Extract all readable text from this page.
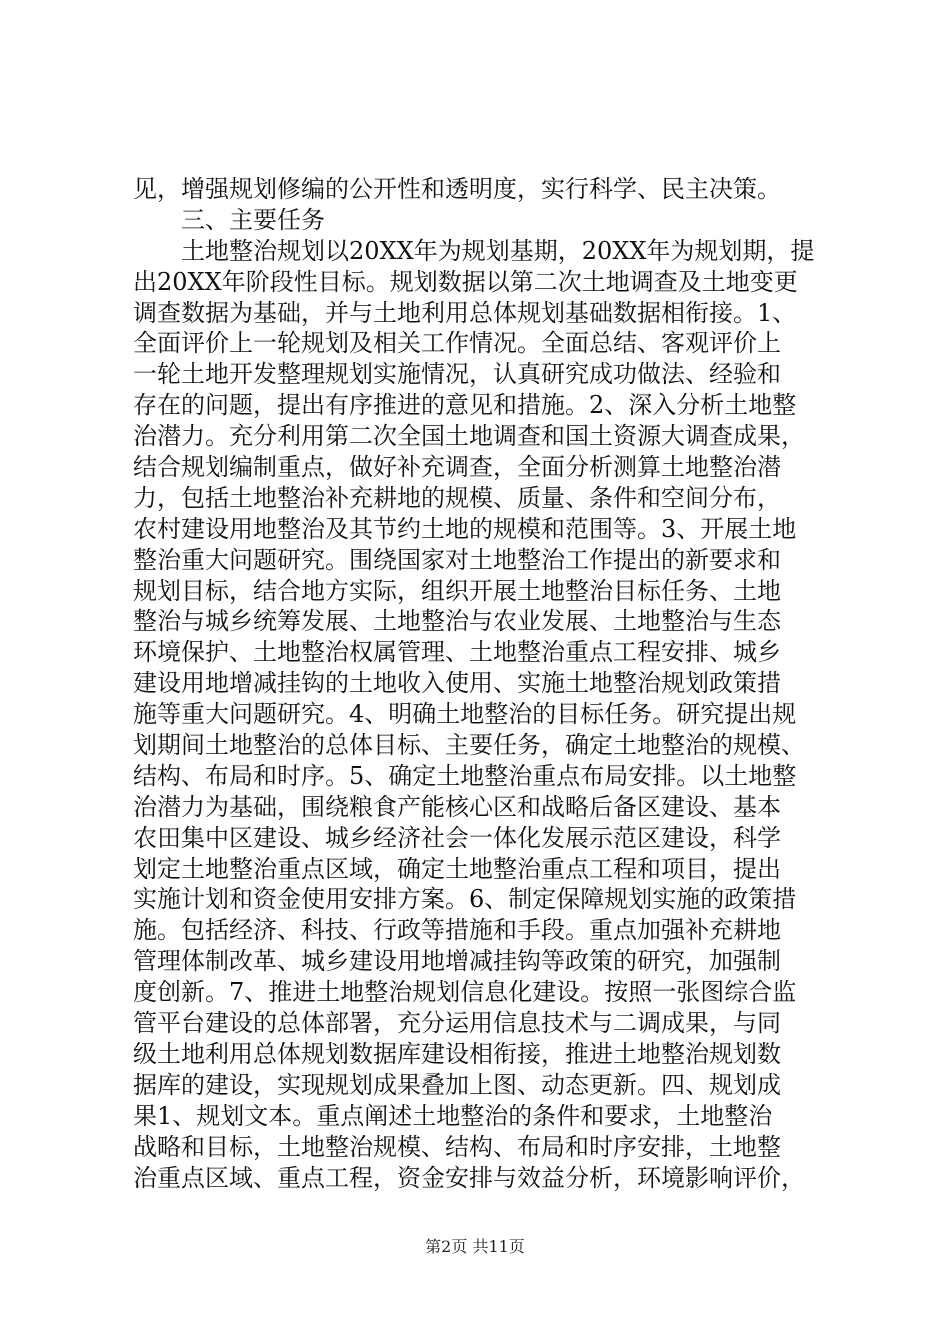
见，增强规划修编的公开性和透明度，实行科学、民主决策。
　　三、主要任务
　　土地整治规划以20XX年为规划基期，20XX年为规划期，提
出20XX年阶段性目标。规划数据以第二次土地调查及土地变更
调查数据为基础，并与土地利用总体规划基础数据相衔接。1、
全面评价上一轮规划及相关工作情况。全面总结、客观评价上
一轮土地开发整理规划实施情况，认真研究成功做法、经验和
存在的问题，提出有序推进的意见和措施。2、深入分析土地整
治潜力。充分利用第二次全国土地调查和国土资源大调查成果，
结合规划编制重点，做好补充调查，全面分析测算土地整治潜
力，包括土地整治补充耕地的规模、质量、条件和空间分布，
农村建设用地整治及其节约土地的规模和范围等。3、开展土地
整治重大问题研究。围绕国家对土地整治工作提出的新要求和
规划目标，结合地方实际，组织开展土地整治目标任务、土地
整治与城乡统筹发展、土地整治与农业发展、土地整治与生态
环境保护、土地整治权属管理、土地整治重点工程安排、城乡
建设用地增减挂钩的土地收入使用、实施土地整治规划政策措
施等重大问题研究。4、明确土地整治的目标任务。研究提出规
划期间土地整治的总体目标、主要任务，确定土地整治的规模、
结构、布局和时序。5、确定土地整治重点布局安排。以土地整
治潜力为基础，围绕粮食产能核心区和战略后备区建设、基本
农田集中区建设、城乡经济社会一体化发展示范区建设，科学
划定土地整治重点区域，确定土地整治重点工程和项目，提出
实施计划和资金使用安排方案。6、制定保障规划实施的政策措
施。包括经济、科技、行政等措施和手段。重点加强补充耕地
管理体制改革、城乡建设用地增减挂钩等政策的研究，加强制
度创新。7、推进土地整治规划信息化建设。按照一张图综合监
管平台建设的总体部署，充分运用信息技术与二调成果，与同
级土地利用总体规划数据库建设相衔接，推进土地整治规划数
据库的建设，实现规划成果叠加上图、动态更新。四、规划成
果1、规划文本。重点阐述土地整治的条件和要求，土地整治
战略和目标，土地整治规模、结构、布局和时序安排，土地整
治重点区域、重点工程，资金安排与效益分析，环境影响评价，
第2页 共11页
